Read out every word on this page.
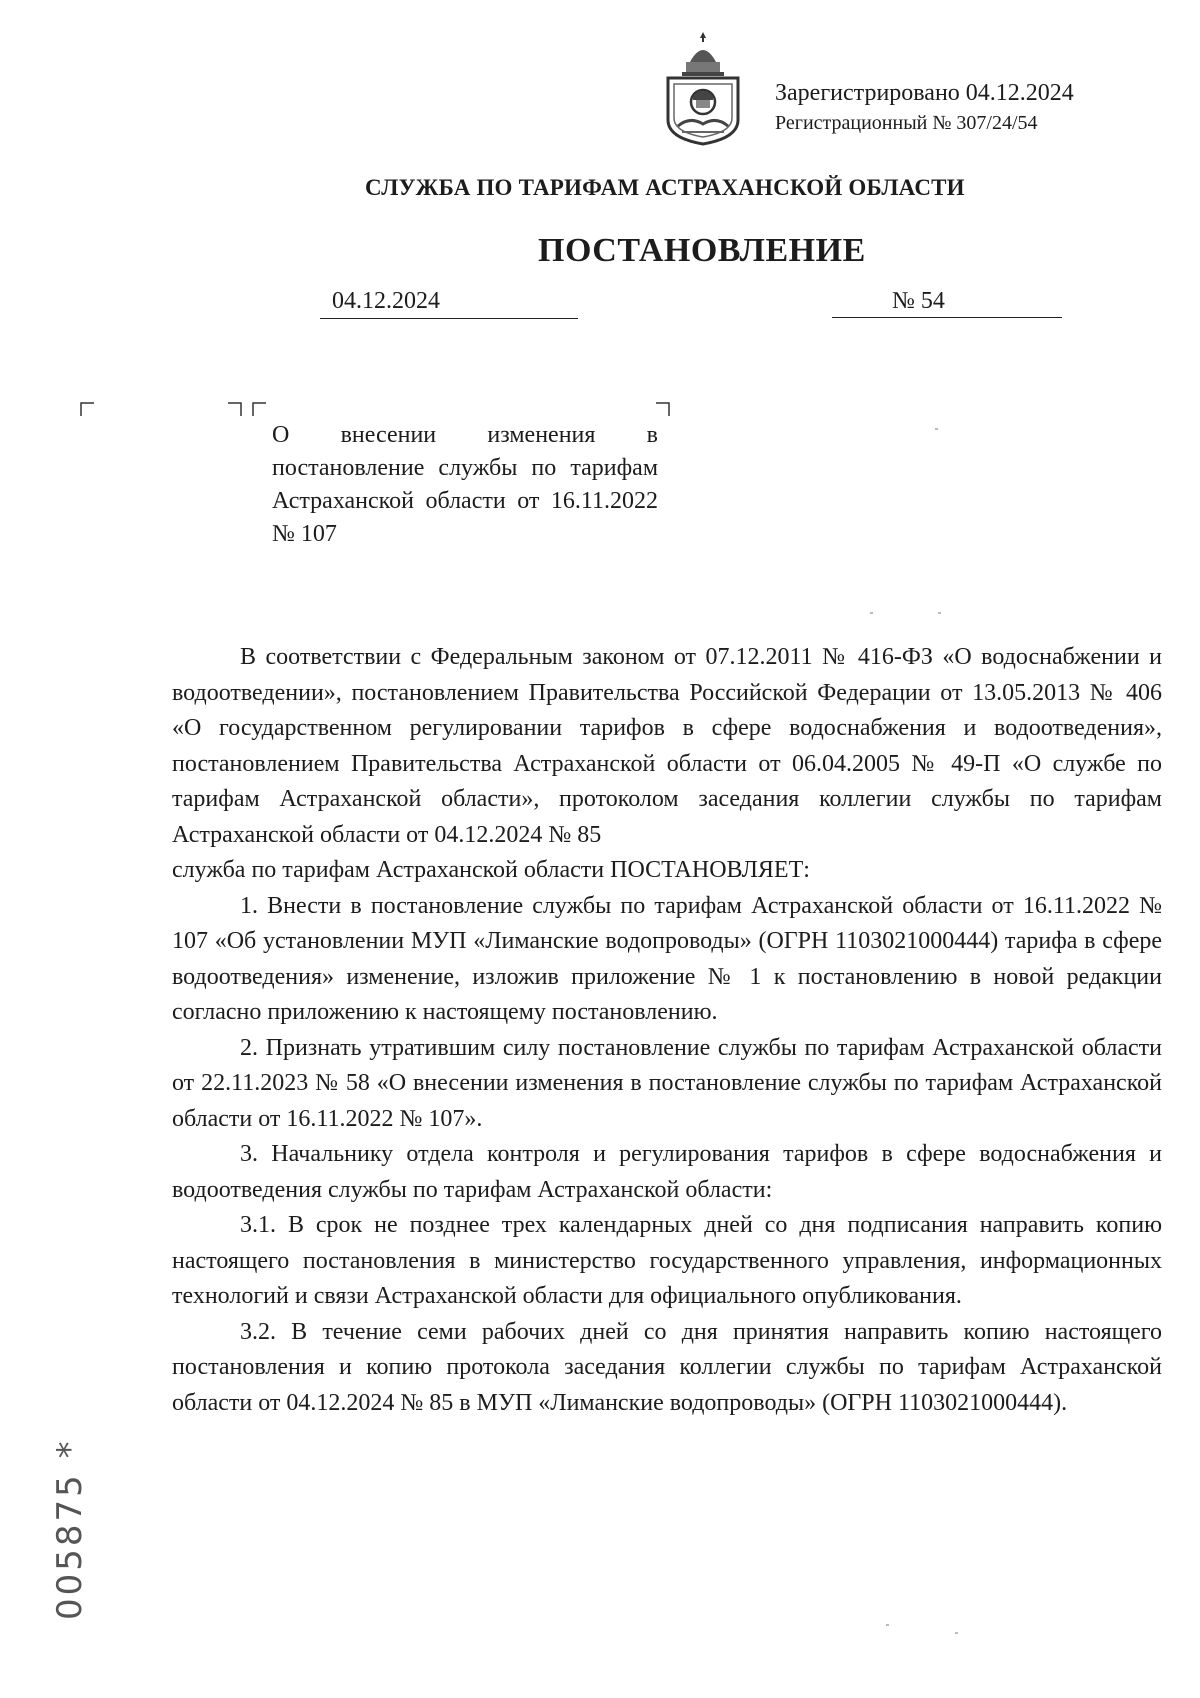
Зарегистрировано 04.12.2024
Регистрационный № 307/24/54
СЛУЖБА ПО ТАРИФАМ АСТРАХАНСКОЙ ОБЛАСТИ
ПОСТАНОВЛЕНИЕ
04.12.2024	№ 54
О внесении изменения в постановление службы по тарифам Астраханской области от 16.11.2022 № 107

В соответствии с Федеральным законом от 07.12.2011 № 416-ФЗ «О водоснабжении и водоотведении», постановлением Правительства Российской Федерации от 13.05.2013 № 406 «О государственном регулировании тарифов в сфере водоснабжения и водоотведения», постановлением Правительства Астраханской области от 06.04.2005 № 49-П «О службе по тарифам Астраханской области», протоколом заседания коллегии службы по тарифам Астраханской области от 04.12.2024 № 85

служба по тарифам Астраханской области ПОСТАНОВЛЯЕТ:

1. Внести в постановление службы по тарифам Астраханской области от 16.11.2022 № 107 «Об установлении МУП «Лиманские водопроводы» (ОГРН 1103021000444) тарифа в сфере водоотведения» изменение, изложив приложение № 1 к постановлению в новой редакции согласно приложению к настоящему постановлению.

2. Признать утратившим силу постановление службы по тарифам Астраханской области от 22.11.2023 № 58 «О внесении изменения в постановление службы по тарифам Астраханской области от 16.11.2022 № 107».

3. Начальнику отдела контроля и регулирования тарифов в сфере водоснабжения и водоотведения службы по тарифам Астраханской области:

3.1. В срок не позднее трех календарных дней со дня подписания направить копию настоящего постановления в министерство государственного управления, информационных технологий и связи Астраханской области для официального опубликования.

3.2. В течение семи рабочих дней со дня принятия направить копию настоящего постановления и копию протокола заседания коллегии службы по тарифам Астраханской области от 04.12.2024 № 85 в МУП «Лиманские водопроводы» (ОГРН 1103021000444).

005875 *
